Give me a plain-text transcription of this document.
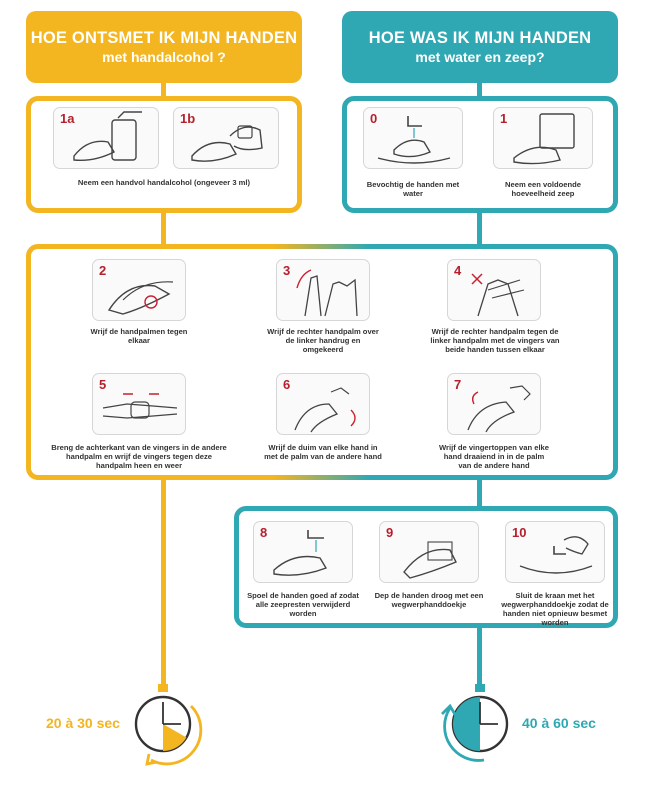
HOE ONTSMET IK MIJN HANDEN
met handalcohol ?
HOE WAS IK MIJN HANDEN
met water en zeep?
1a	1b
Neem een handvol handalcohol (ongeveer 3 ml)
0	1
Bevochtig de handen met water
Neem een voldoende hoeveelheid zeep
2	3	4
Wrijf de handpalmen tegen elkaar
Wrijf de rechter handpalm over de linker handrug en omgekeerd
Wrijf de rechter handpalm tegen de linker handpalm met de vingers van beide handen tussen elkaar
5	6	7
Breng de achterkant van de vingers in de andere handpalm en wrijf de vingers tegen deze handpalm heen en weer
Wrijf de duim van elke hand in met de palm van de andere hand
Wrijf de vingertoppen van elke hand draaiend in in de palm van de andere hand
8	9	10
Spoel de handen goed af zodat alle zeepresten verwijderd worden
Dep de handen droog met een wegwerphanddoekje
Sluit de kraan met het wegwerphanddoekje zodat de handen niet opnieuw besmet worden
20 à 30 sec	40 à 60 sec
